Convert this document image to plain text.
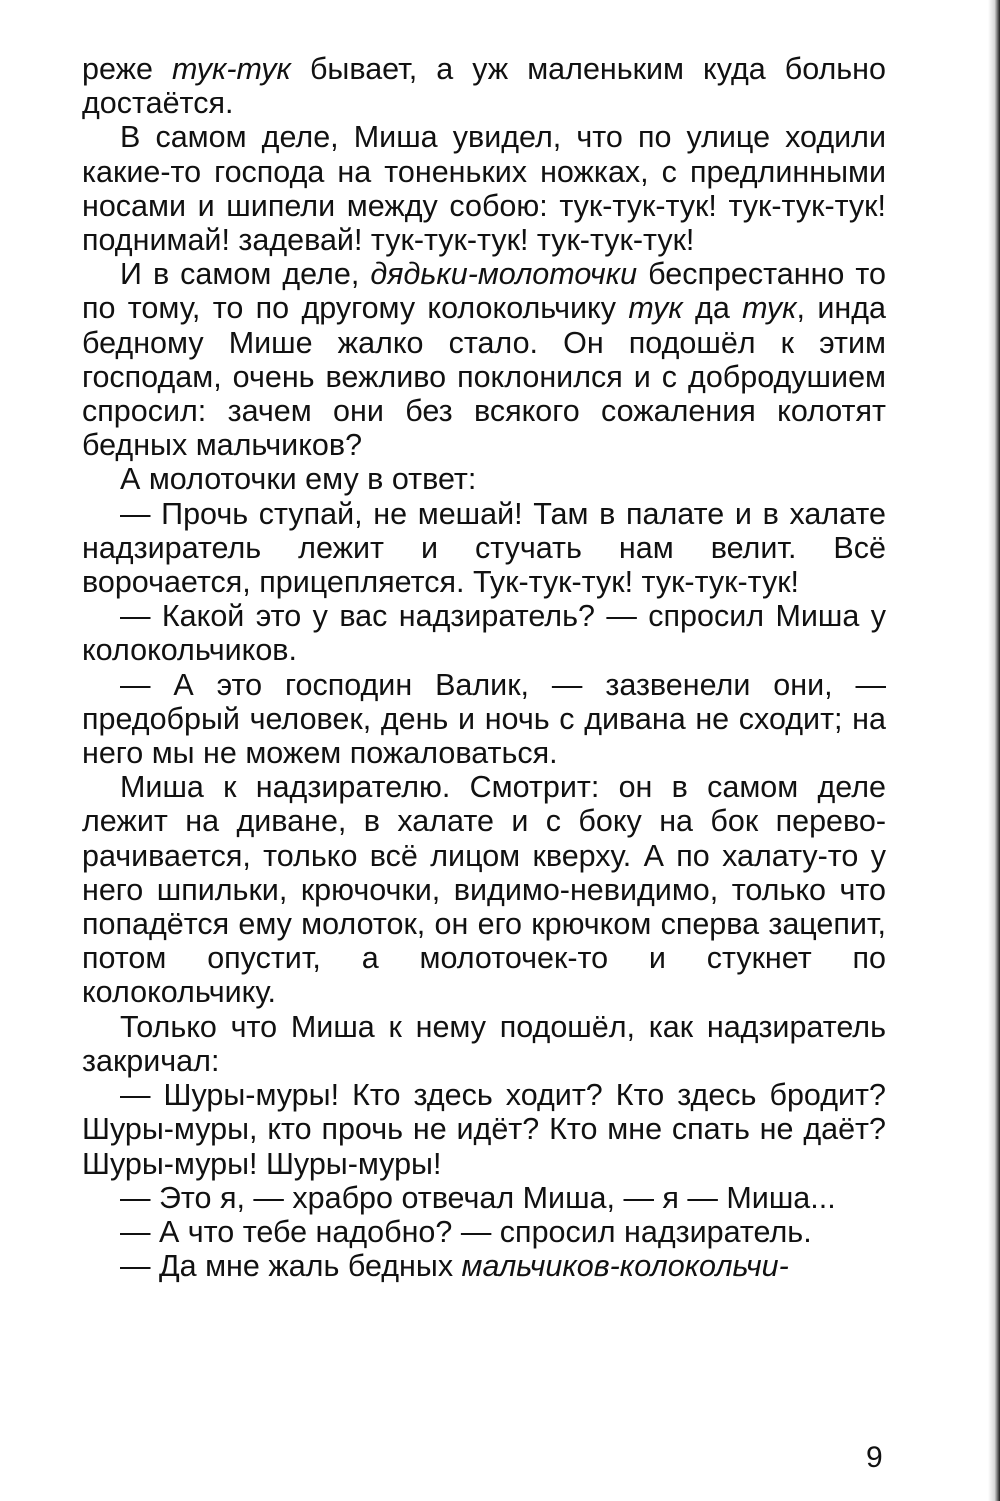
реже тук-тук бывает, а уж маленьким куда больно достаётся.

В самом деле, Миша увидел, что по улице ходили какие-то господа на тоненьких ножках, с предлинными носами и шипели между собою: тук-тук-тук! тук-тук-тук! поднимай! задевай! тук-тук-тук! тук-тук-тук!

И в самом деле, дядьки-молоточки беспрестанно то по тому, то по другому колокольчику тук да тук, инда бедному Мише жалко стало. Он подошёл к этим господам, очень вежливо поклонился и с добродушием спросил: зачем они без всякого сожаления колотят бедных мальчиков?

А молоточки ему в ответ:

— Прочь ступай, не мешай! Там в палате и в халате надзиратель лежит и стучать нам велит. Всё ворочается, прицепляется. Тук-тук-тук! тук-тук-тук!

— Какой это у вас надзиратель? — спросил Миша у колокольчиков.

— А это господин Валик, — зазвенели они, — предобрый человек, день и ночь с дивана не сходит; на него мы не можем пожаловаться.

Миша к надзирателю. Смотрит: он в самом деле лежит на диване, в халате и с боку на бок переворачивается, только всё лицом кверху. А по халату-то у него шпильки, крючочки, видимо-невидимо, только что попадётся ему молоток, он его крючком сперва зацепит, потом опустит, а молоточек-то и стукнет по колокольчику.

Только что Миша к нему подошёл, как надзиратель закричал:

— Шуры-муры! Кто здесь ходит? Кто здесь бродит? Шуры-муры, кто прочь не идёт? Кто мне спать не даёт? Шуры-муры! Шуры-муры!

— Это я, — храбро отвечал Миша, — я — Миша...

— А что тебе надобно? — спросил надзиратель.

— Да мне жаль бедных мальчиков-колокольчи-

9
